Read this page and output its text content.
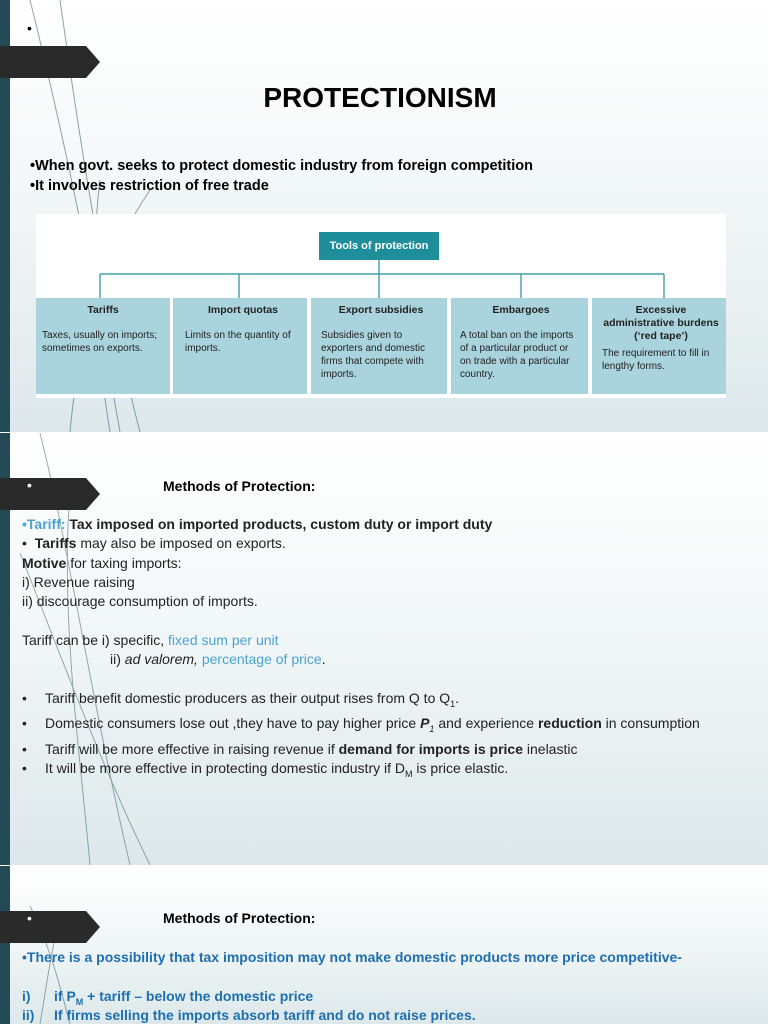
•
PROTECTIONISM
•When govt. seeks to protect domestic industry from foreign competition
•It involves restriction of free trade
Tools of protection
Tariffs
Taxes, usually on imports; sometimes on exports.
Import quotas
Limits on the quantity of imports.
Export subsidies
Subsidies given to exporters and domestic firms that compete with imports.
Embargoes
A total ban on the imports of a particular product or on trade with a particular country.
Excessive administrative burdens (‘red tape’)
The requirement to fill in lengthy forms.
•	Methods of Protection:
•Tariff: Tax imposed on imported products, custom duty or import duty
•  Tariffs may also be imposed on exports.
Motive for taxing imports:
i) Revenue raising
ii) discourage consumption of imports.
Tariff can be i) specific, fixed sum per unit
ii) ad valorem, percentage of price.
• Tariff benefit domestic producers as their output rises from Q to $Q_1$.
• Domestic consumers lose out ,they have to pay higher price $P_1$ and experience reduction in consumption
• Tariff will be more effective in raising revenue if demand for imports is price inelastic
• It will be more effective in protecting domestic industry if $D_M$ is price elastic.
•	Methods of Protection:
•There is a possibility that tax imposition may not make domestic products more price competitive-
i) if $P_M$ + tariff – below the domestic price
ii) If firms selling the imports absorb tariff and do not raise prices.
